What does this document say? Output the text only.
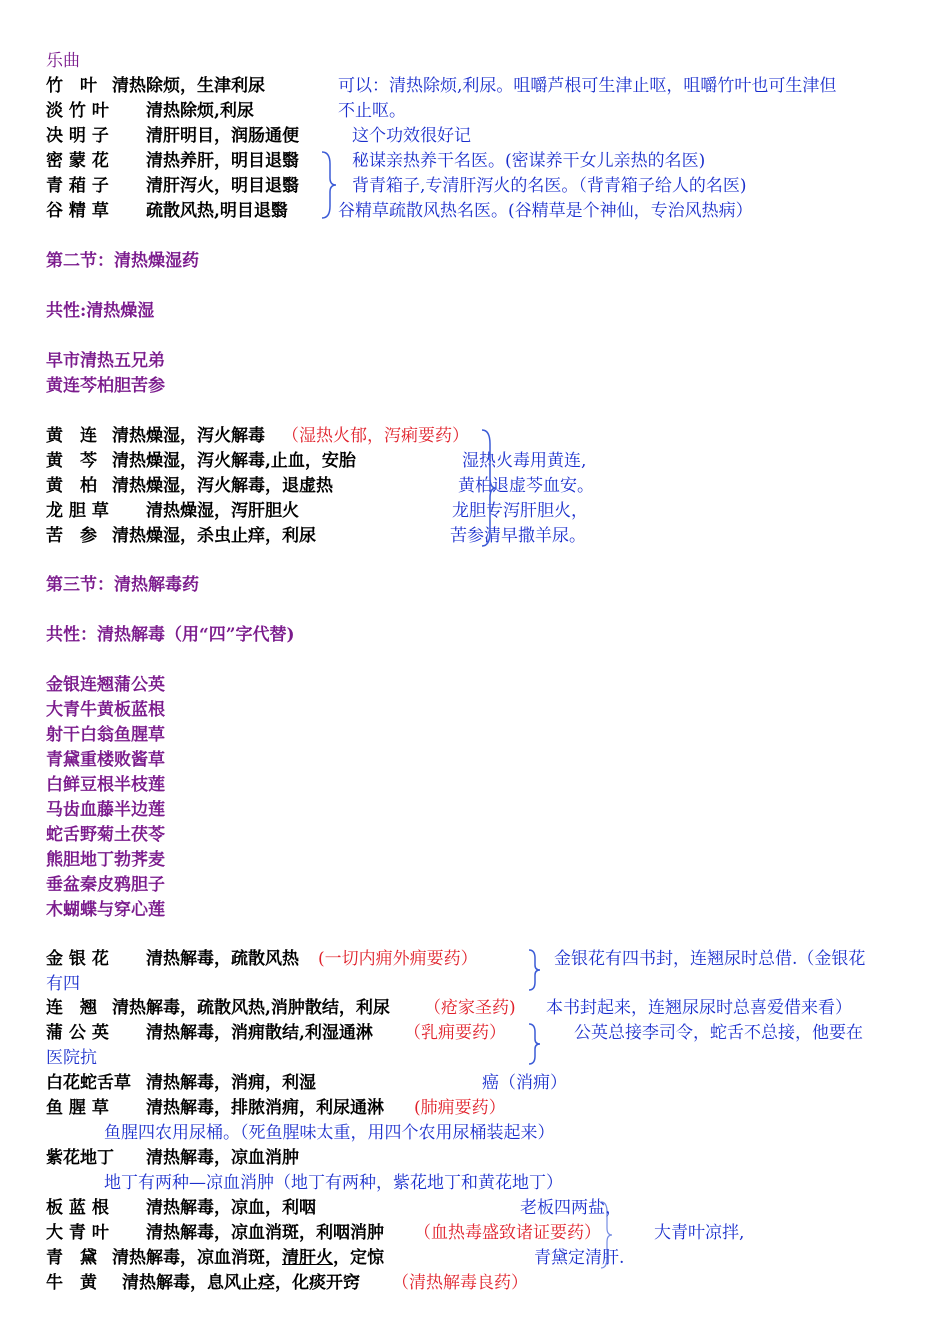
乐曲
竹　叶 清热除烦，生津利尿	可以：清热除烦,利尿。咀嚼芦根可生津止呕，咀嚼竹叶也可生津但
淡 竹 叶 清热除烦,利尿	不止呕。
决 明 子 清肝明目，润肠通便	这个功效很好记
密 蒙 花 清热养肝，明目退翳	秘谋亲热养干名医。(密谋养干女儿亲热的名医)
青 葙 子 清肝泻火，明目退翳	背青箱子,专清肝泻火的名医。（背青箱子给人的名医)
谷 精 草 疏散风热,明目退翳	谷精草疏散风热名医。(谷精草是个神仙，专治风热病）
第二节：清热燥湿药
共性:清热燥湿
早市清热五兄弟
黄连芩柏胆苦参
黄　连 清热燥湿，泻火解毒 （湿热火郁，泻痢要药）
黄　芩 清热燥湿，泻火解毒,止血，安胎	湿热火毒用黄连,
黄　柏 清热燥湿，泻火解毒，退虚热	黄柏退虚芩血安。
龙 胆 草 清热燥湿，泻肝胆火	龙胆专泻肝胆火，
苦　参 清热燥湿，杀虫止痒，利尿	苦参清早撒羊尿。
第三节：清热解毒药
共性：清热解毒（用“四”字代替)
金银连翘蒲公英
大青牛黄板蓝根
射干白翁鱼腥草
青黛重楼败酱草
白鲜豆根半枝莲
马齿血藤半边莲
蛇舌野菊土茯苓
熊胆地丁勃荠麦
垂盆秦皮鸦胆子
木蝴蝶与穿心莲
金 银 花 清热解毒，疏散风热 (一切内痈外痈要药）	金银花有四书封，连翘尿时总借.（金银花
有四
连　翘 清热解毒，疏散风热,消肿散结，利尿 （疮家圣药) 本书封起来，连翘尿尿时总喜爱借来看）
蒲 公 英 清热解毒，消痈散结,利湿通淋 （乳痈要药）	公英总接李司令，蛇舌不总接，他要在
医院抗
白花蛇舌草 清热解毒，消痈，利湿	癌（消痈）
鱼 腥 草 清热解毒，排脓消痈，利尿通淋 (肺痈要药）
鱼腥四农用尿桶。（死鱼腥味太重，用四个农用尿桶装起来）
紫花地丁 清热解毒，凉血消肿
地丁有两种—凉血消肿（地丁有两种，紫花地丁和黄花地丁）
板 蓝 根 清热解毒，凉血，利咽	老板四两盐，
大 青 叶 清热解毒，凉血消斑，利咽消肿 （血热毒盛致诸证要药）	大青叶凉拌,
青　黛 清热解毒，凉血消斑，清肝火，定惊	青黛定清肝.
牛　黄 清热解毒，息风止痉，化痰开窍 （清热解毒良药）
